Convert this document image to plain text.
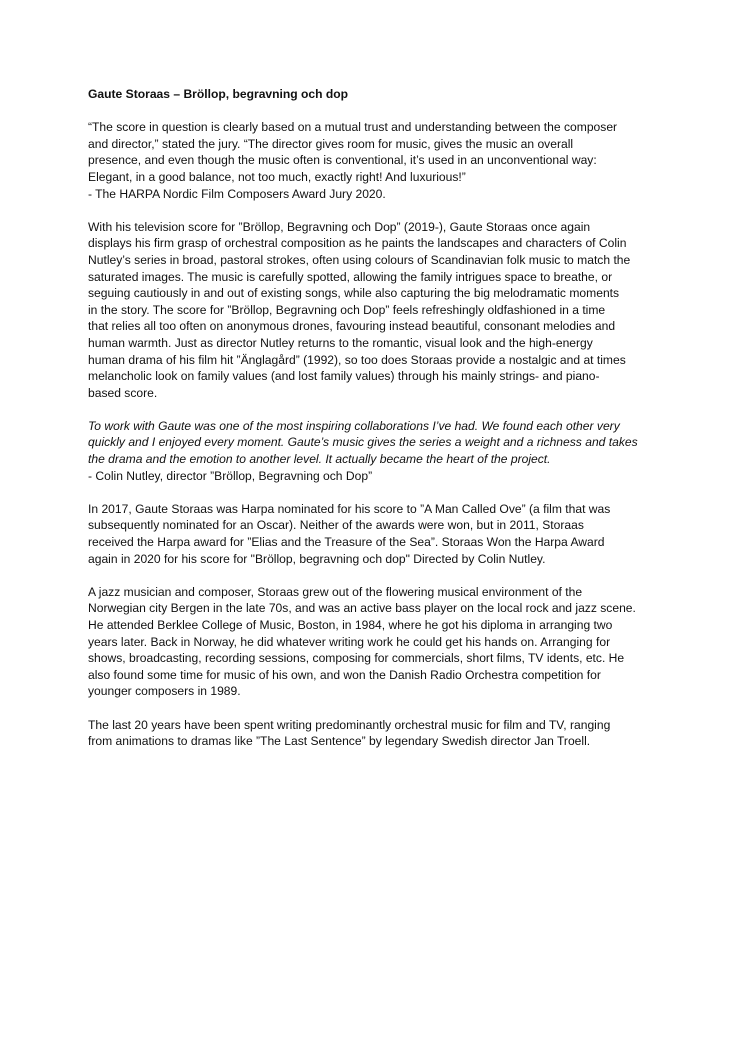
Gaute Storaas – Bröllop, begravning och dop
“The score in question is clearly based on a mutual trust and understanding between the composer
and director,” stated the jury. “The director gives room for music, gives the music an overall
presence, and even though the music often is conventional, it’s used in an unconventional way:
Elegant, in a good balance, not too much, exactly right! And luxurious!”
- The HARPA Nordic Film Composers Award Jury 2020.
With his television score for ”Bröllop, Begravning och Dop” (2019-), Gaute Storaas once again
displays his firm grasp of orchestral composition as he paints the landscapes and characters of Colin
Nutley’s series in broad, pastoral strokes, often using colours of Scandinavian folk music to match the
saturated images. The music is carefully spotted, allowing the family intrigues space to breathe, or
seguing cautiously in and out of existing songs, while also capturing the big melodramatic moments
in the story. The score for ”Bröllop, Begravning och Dop” feels refreshingly oldfashioned in a time
that relies all too often on anonymous drones, favouring instead beautiful, consonant melodies and
human warmth. Just as director Nutley returns to the romantic, visual look and the high-energy
human drama of his film hit ”Änglagård” (1992), so too does Storaas provide a nostalgic and at times
melancholic look on family values (and lost family values) through his mainly strings- and piano-
based score.
To work with Gaute was one of the most inspiring collaborations I’ve had. We found each other very
quickly and I enjoyed every moment. Gaute’s music gives the series a weight and a richness and takes
the drama and the emotion to another level. It actually became the heart of the project.
- Colin Nutley, director ”Bröllop, Begravning och Dop”
In 2017, Gaute Storaas was Harpa nominated for his score to ”A Man Called Ove” (a film that was
subsequently nominated for an Oscar). Neither of the awards were won, but in 2011, Storaas
received the Harpa award for ”Elias and the Treasure of the Sea”. Storaas Won the Harpa Award
again in 2020 for his score for "Bröllop, begravning och dop" Directed by Colin Nutley.
A jazz musician and composer, Storaas grew out of the flowering musical environment of the
Norwegian city Bergen in the late 70s, and was an active bass player on the local rock and jazz scene.
He attended Berklee College of Music, Boston, in 1984, where he got his diploma in arranging two
years later. Back in Norway, he did whatever writing work he could get his hands on. Arranging for
shows, broadcasting, recording sessions, composing for commercials, short films, TV idents, etc. He
also found some time for music of his own, and won the Danish Radio Orchestra competition for
younger composers in 1989.
The last 20 years have been spent writing predominantly orchestral music for film and TV, ranging
from animations to dramas like ”The Last Sentence” by legendary Swedish director Jan Troell.
